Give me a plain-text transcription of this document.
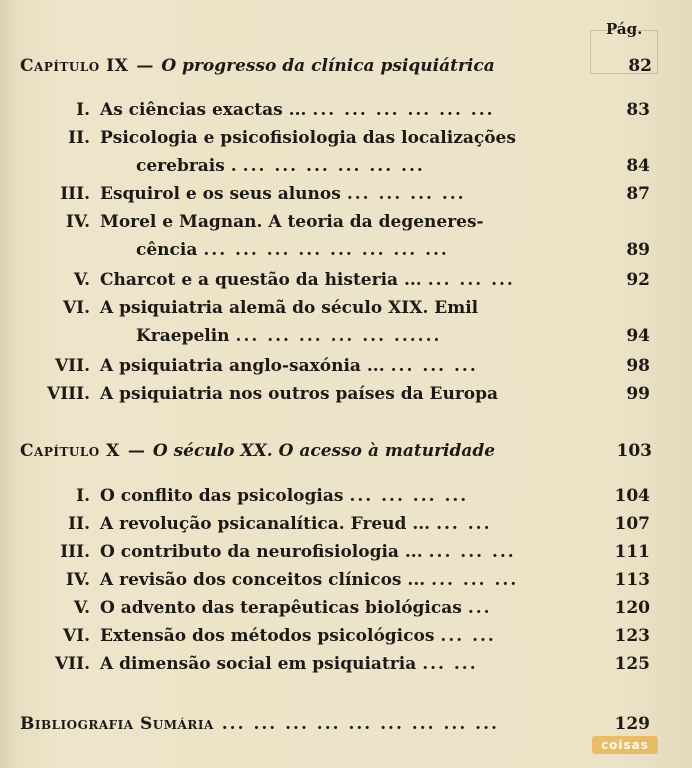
Pág.
Capítulo IX — O progresso da clínica psiquiátrica	82
I. As ciências exactas ... ... ... ... ... ... ...	83
II. Psicologia e psicofisiologia das localizações
cerebrais . ... ... ... ... ... ...	84
III. Esquirol e os seus alunos ... ... ... ...	87
IV. Morel e Magnan. A teoria da degeneres-
cência ... ... ... ... ... ... ... ...	89
V. Charcot e a questão da histeria ... ... ... ...	92
VI. A psiquiatria alemã do século XIX. Emil
Kraepelin ... ... ... ... ... ......	94
VII. A psiquiatria anglo-saxónia ... ... ... ...	98
VIII. A psiquiatria nos outros países da Europa	99
Capítulo X — O século XX. O acesso à maturidade	103
I. O conflito das psicologias ... ... ... ...	104
II. A revolução psicanalítica. Freud ... ... ...	107
III. O contributo da neurofisiologia ... ... ... ...	111
IV. A revisão dos conceitos clínicos ... ... ... ...	113
V. O advento das terapêuticas biológicas ...	120
VI. Extensão dos métodos psicológicos ... ...	123
VII. A dimensão social em psiquiatria ... ...	125
Bibliografia Sumária ... ... ... ... ... ... ... ... ...	129
coisas
